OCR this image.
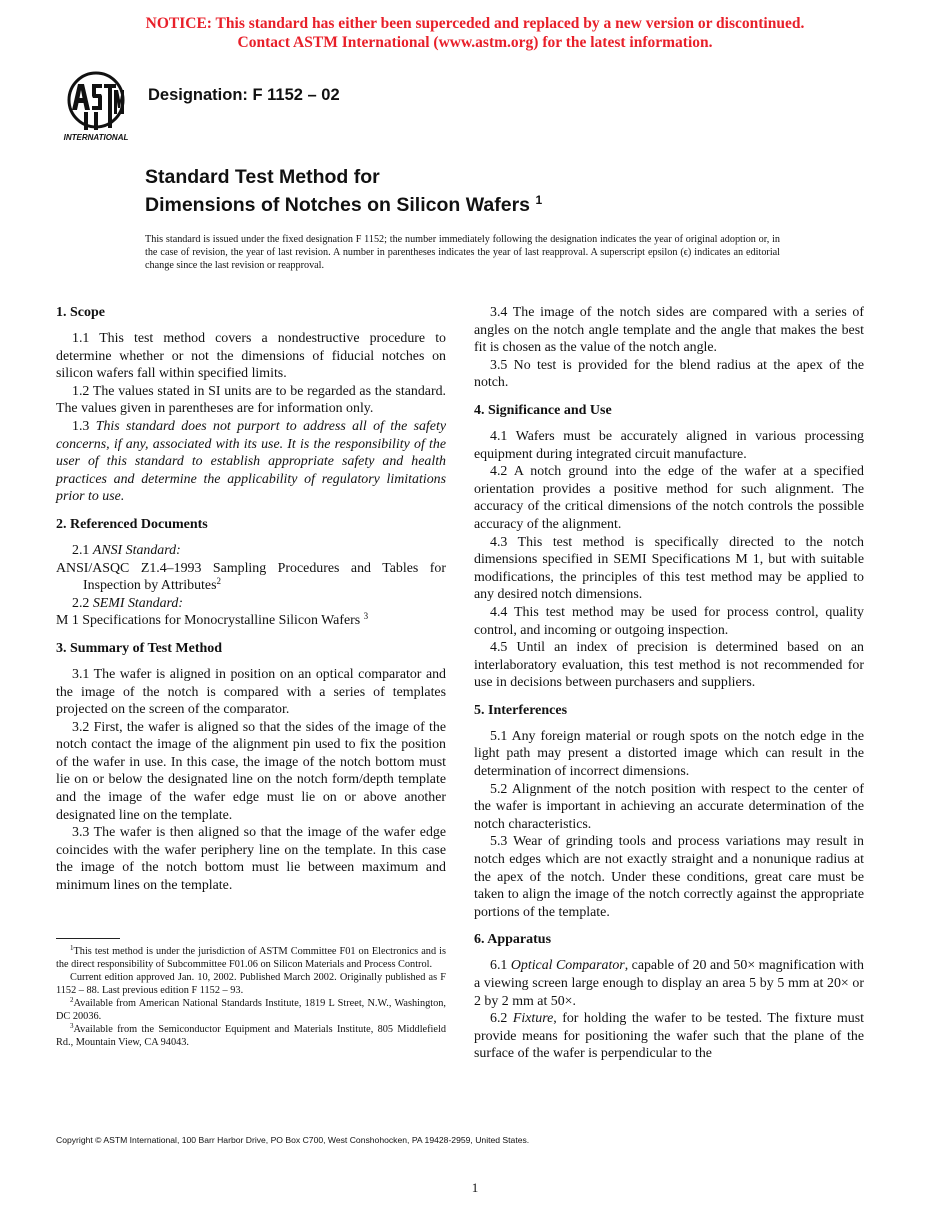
NOTICE: This standard has either been superceded and replaced by a new version or discontinued.
Contact ASTM International (www.astm.org) for the latest information.
INTERNATIONAL
Designation: F 1152 – 02
Standard Test Method for
Dimensions of Notches on Silicon Wafers $^1$
This standard is issued under the fixed designation F 1152; the number immediately following the designation indicates the year of original adoption or, in the case of revision, the year of last revision. A number in parentheses indicates the year of last reapproval. A superscript epsilon (ϵ) indicates an editorial change since the last revision or reapproval.
1. Scope

1.1 This test method covers a nondestructive procedure to determine whether or not the dimensions of fiducial notches on silicon wafers fall within specified limits.

1.2 The values stated in SI units are to be regarded as the standard. The values given in parentheses are for information only.

1.3 This standard does not purport to address all of the safety concerns, if any, associated with its use. It is the responsibility of the user of this standard to establish appropriate safety and health practices and determine the applicability of regulatory limitations prior to use.

2. Referenced Documents

2.1 ANSI Standard:

ANSI/ASQC Z1.4–1993 Sampling Procedures and Tables for Inspection by Attributes$^2$

2.2 SEMI Standard:

M 1 Specifications for Monocrystalline Silicon Wafers $^3$

3. Summary of Test Method

3.1 The wafer is aligned in position on an optical comparator and the image of the notch is compared with a series of templates projected on the screen of the comparator.

3.2 First, the wafer is aligned so that the sides of the image of the notch contact the image of the alignment pin used to fix the position of the wafer in use. In this case, the image of the notch bottom must lie on or below the designated line on the notch form/depth template and the image of the wafer edge must lie on or above another designated line on the template.

3.3 The wafer is then aligned so that the image of the wafer edge coincides with the wafer periphery line on the template. In this case the image of the notch bottom must lie between maximum and minimum lines on the template.

3.4 The image of the notch sides are compared with a series of angles on the notch angle template and the angle that makes the best fit is chosen as the value of the notch angle.

3.5 No test is provided for the blend radius at the apex of the notch.

4. Significance and Use

4.1 Wafers must be accurately aligned in various processing equipment during integrated circuit manufacture.

4.2 A notch ground into the edge of the wafer at a specified orientation provides a positive method for such alignment. The accuracy of the critical dimensions of the notch controls the possible accuracy of the alignment.

4.3 This test method is specifically directed to the notch dimensions specified in SEMI Specifications M 1, but with suitable modifications, the principles of this test method may be applied to any desired notch dimensions.

4.4 This test method may be used for process control, quality control, and incoming or outgoing inspection.

4.5 Until an index of precision is determined based on an interlaboratory evaluation, this test method is not recommended for use in decisions between purchasers and suppliers.

5. Interferences

5.1 Any foreign material or rough spots on the notch edge in the light path may present a distorted image which can result in the determination of incorrect dimensions.

5.2 Alignment of the notch position with respect to the center of the wafer is important in achieving an accurate determination of the notch characteristics.

5.3 Wear of grinding tools and process variations may result in notch edges which are not exactly straight and a nonunique radius at the apex of the notch. Under these conditions, great care must be taken to align the image of the notch correctly against the appropriate portions of the template.

6. Apparatus

6.1 Optical Comparator, capable of 20 and 50× magnification with a viewing screen large enough to display an area 5 by 5 mm at 20× or 2 by 2 mm at 50×.

6.2 Fixture, for holding the wafer to be tested. The fixture must provide means for positioning the wafer such that the plane of the surface of the wafer is perpendicular to the

$^1$This test method is under the jurisdiction of ASTM Committee F01 on Electronics and is the direct responsibility of Subcommittee F01.06 on Silicon Materials and Process Control.

Current edition approved Jan. 10, 2002. Published March 2002. Originally published as F 1152 – 88. Last previous edition F 1152 – 93.

$^2$Available from American National Standards Institute, 1819 L Street, N.W., Washington, DC 20036.

$^3$Available from the Semiconductor Equipment and Materials Institute, 805 Middlefield Rd., Mountain View, CA 94043.

Copyright © ASTM International, 100 Barr Harbor Drive, PO Box C700, West Conshohocken, PA 19428-2959, United States.
1
